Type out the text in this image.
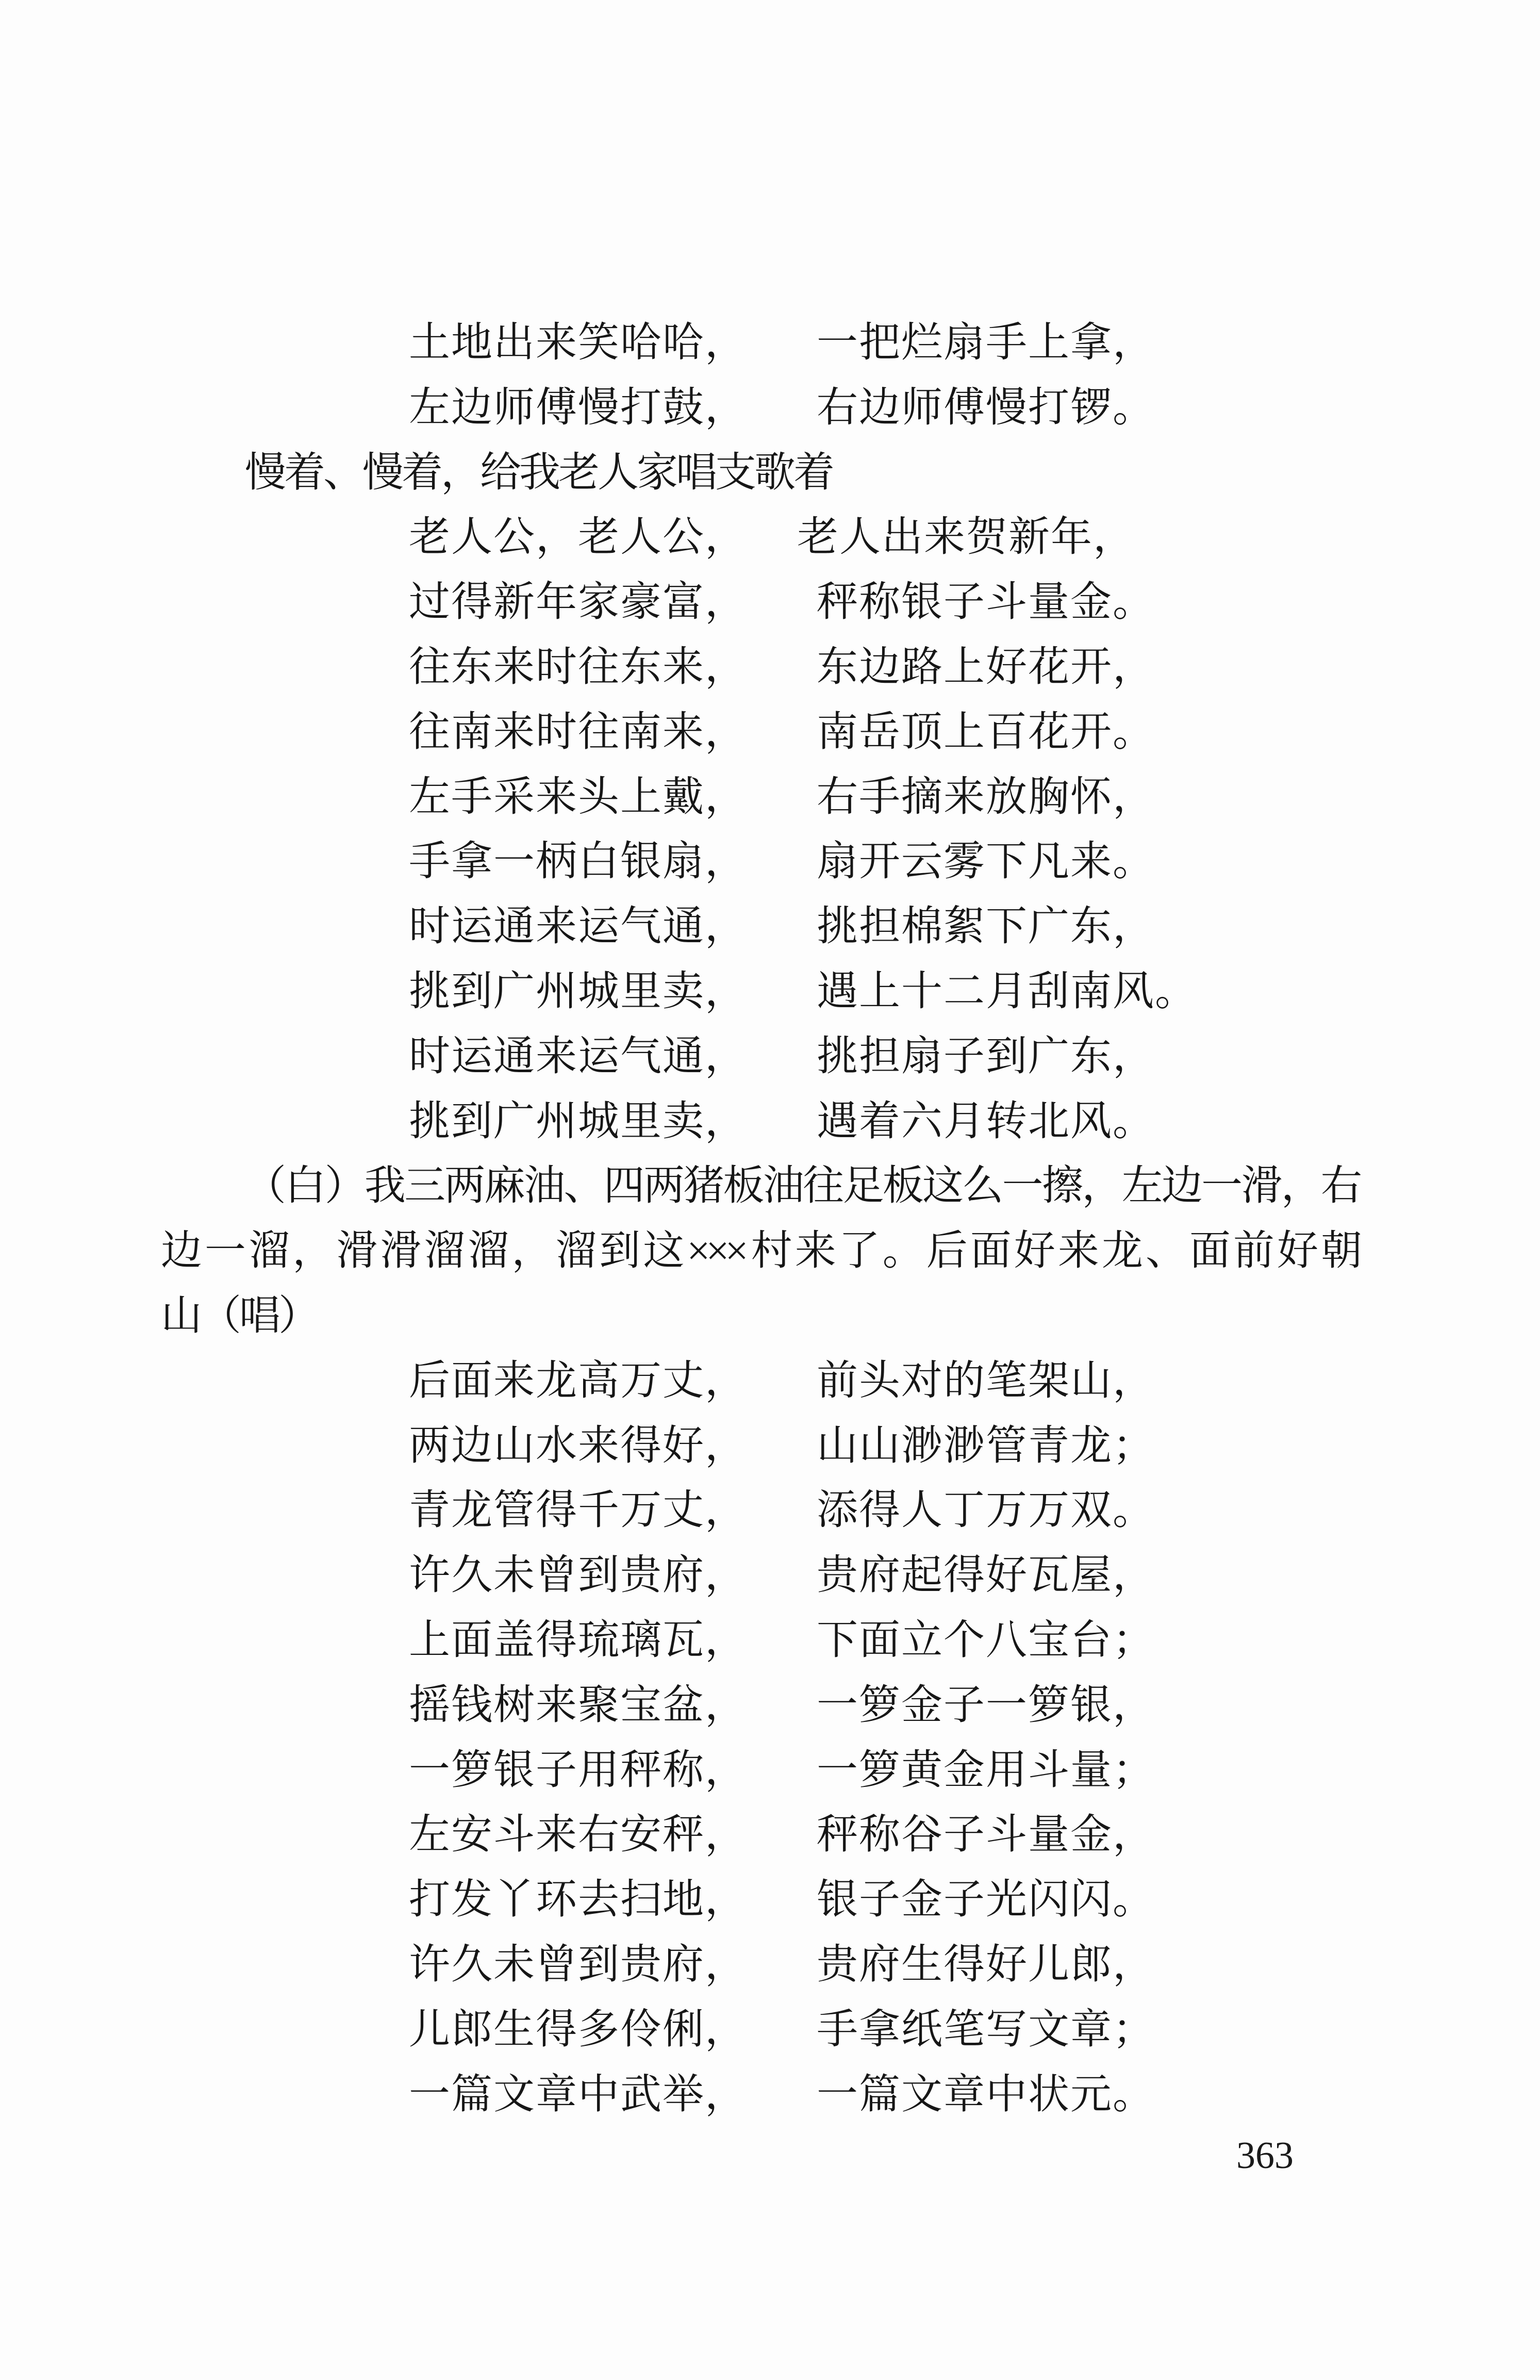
土地出来笑哈哈， 一把烂扇手上拿，
左边师傅慢打鼓， 右边师傅慢打锣。
慢着、慢着，给我老人家唱支歌着
老人公，老人公， 老人出来贺新年，
过得新年家豪富， 秤称银子斗量金。
往东来时往东来， 东边路上好花开，
往南来时往南来， 南岳顶上百花开。
左手采来头上戴， 右手摘来放胸怀，
手拿一柄白银扇， 扇开云雾下凡来。
时运通来运气通， 挑担棉絮下广东，
挑到广州城里卖， 遇上十二月刮南风。
时运通来运气通， 挑担扇子到广东，
挑到广州城里卖， 遇着六月转北风。
（白）我三两麻油、四两猪板油往足板这么一擦，左边一滑，右
边一溜，滑滑溜溜，溜到这×××村来了。后面好来龙、面前好朝
山（唱）
后面来龙高万丈， 前头对的笔架山，
两边山水来得好， 山山渺渺管青龙；
青龙管得千万丈， 添得人丁万万双。
许久未曾到贵府， 贵府起得好瓦屋，
上面盖得琉璃瓦， 下面立个八宝台；
摇钱树来聚宝盆， 一箩金子一箩银，
一箩银子用秤称， 一箩黄金用斗量；
左安斗来右安秤， 秤称谷子斗量金，
打发丫环去扫地， 银子金子光闪闪。
许久未曾到贵府， 贵府生得好儿郎，
儿郎生得多伶俐， 手拿纸笔写文章；
一篇文章中武举， 一篇文章中状元。
363
